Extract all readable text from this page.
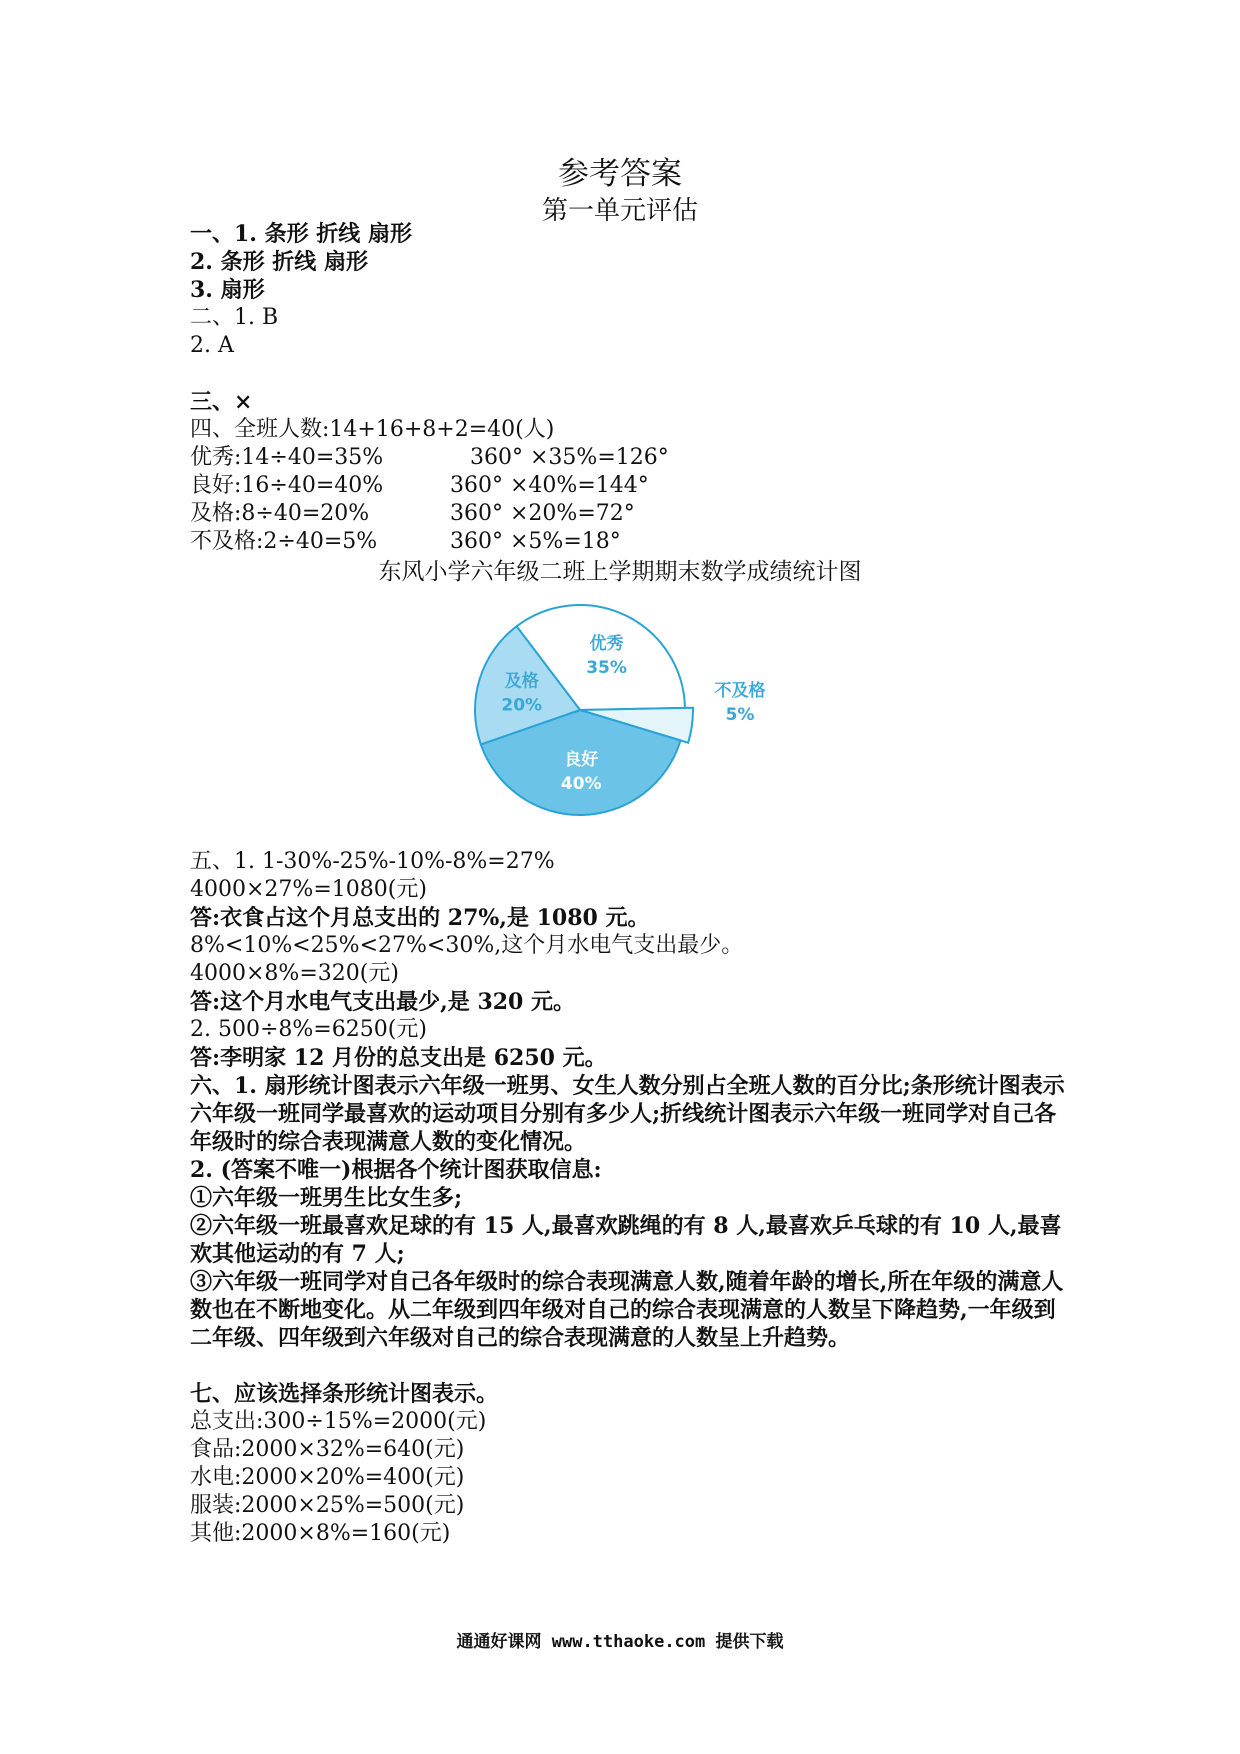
参考答案
第一单元评估
一、1. 条形 折线 扇形
2. 条形 折线 扇形
3. 扇形
二、1. B
2. A
三、×
四、全班人数:14+16+8+2=40(人)
优秀:14÷40=35%	360° ×35%=126°
良好:16÷40=40%	360° ×40%=144°
及格:8÷40=20%	360° ×20%=72°
不及格:2÷40=5%	360° ×5%=18°
五、1. 1-30%-25%-10%-8%=27%
4000×27%=1080(元)
答:衣食占这个月总支出的 27%,是 1080 元。
8%<10%<25%<27%<30%,这个月水电气支出最少。
4000×8%=320(元)
答:这个月水电气支出最少,是 320 元。
2. 500÷8%=6250(元)
答:李明家 12 月份的总支出是 6250 元。
六、1. 扇形统计图表示六年级一班男、女生人数分别占全班人数的百分比;条形统计图表示六年级一班同学最喜欢的运动项目分别有多少人;折线统计图表示六年级一班同学对自己各年级时的综合表现满意人数的变化情况。
2. (答案不唯一)根据各个统计图获取信息:
①六年级一班男生比女生多;
②六年级一班最喜欢足球的有 15 人,最喜欢跳绳的有 8 人,最喜欢乒乓球的有 10 人,最喜欢其他运动的有 7 人;
③六年级一班同学对自己各年级时的综合表现满意人数,随着年龄的增长,所在年级的满意人数也在不断地变化。从二年级到四年级对自己的综合表现满意的人数呈下降趋势,一年级到二年级、四年级到六年级对自己的综合表现满意的人数呈上升趋势。
七、应该选择条形统计图表示。
总支出:300÷15%=2000(元)
食品:2000×32%=640(元)
水电:2000×20%=400(元)
服装:2000×25%=500(元)
其他:2000×8%=160(元)
东风小学六年级二班上学期期末数学成绩统计图
优秀
35%
不及格
5%
良好
40%
及格
20%
通通好课网 www.tthaoke.com 提供下载
